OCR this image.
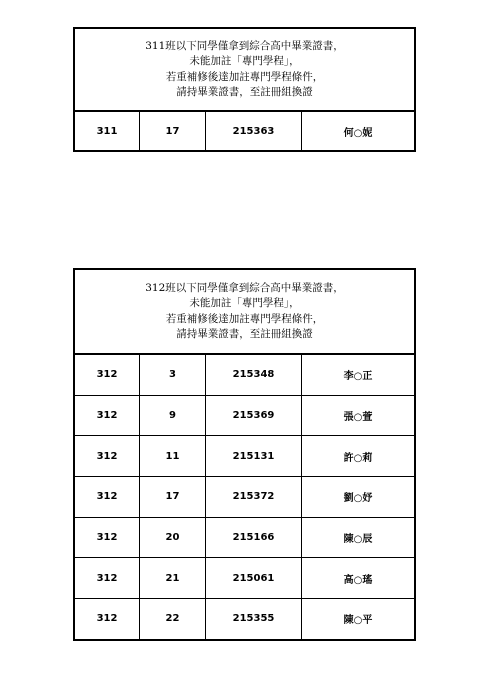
311班以下同學僅拿到綜合高中畢業證書，
未能加註「專門學程」，
若重補修後達加註專門學程條件，
請持畢業證書，至註冊組換證
311	17	215363	何○妮
312班以下同學僅拿到綜合高中畢業證書，
未能加註「專門學程」，
若重補修後達加註專門學程條件，
請持畢業證書，至註冊組換證
312	3	215348	李○正
312	9	215369	張○萱
312	11	215131	許○莉
312	17	215372	劉○妤
312	20	215166	陳○辰
312	21	215061	高○瑤
312	22	215355	陳○平
